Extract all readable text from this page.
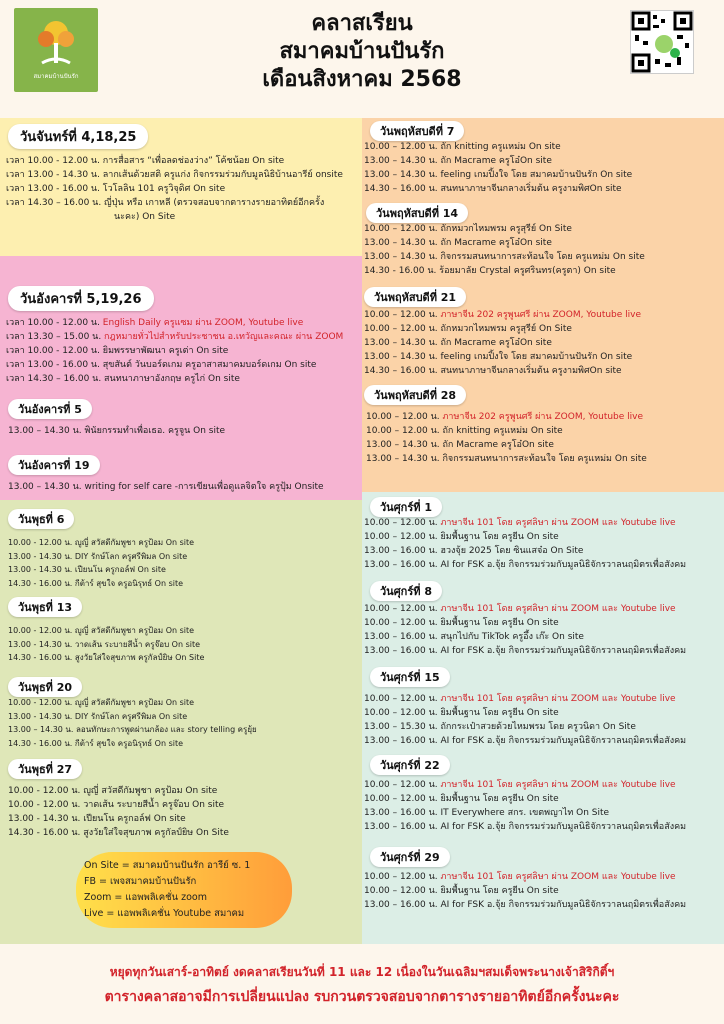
สมาคมบ้านปันรัก
คลาสเรียน
สมาคมบ้านปันรัก
เดือนสิงหาคม 2568
วันจันทร์ที่ 4,18,25
เวลา 10.00 - 12.00 น. การสื่อสาร “เพื่อลดช่องว่าง” โค้ชน้อย On site
เวลา 13.00 - 14.30 น. ลากเส้นด้วยสติ ครูแก่ง กิจกรรมร่วมกับมูลนิธิบ้านอารีย์ onsite
เวลา 13.00 - 16.00 น. โวโลลิน 101 ครูวิจุดิศ On site
เวลา 14.30 – 16.00 น. ญี่ปุ่น หรือ เกาหลี (ตรวจสอบจากตารางรายอาทิตย์อีกครั้ง
นะคะ) On Site
วันอังคารที่ 5,19,26
เวลา 10.00 - 12.00 น. English Daily ครูแซม ผ่าน ZOOM, Youtube live
เวลา 13.30 – 15.00 น. กฎหมายทั่วไปสำหรับประชาชน อ.เทวัญและคณะ ผ่าน ZOOM
เวลา 10.00 - 12.00 น. ยิมพรรษาพัฒนา ครูเต่า On site
เวลา 13.00 - 16.00 น. สุขสันต์ วันบอร์ดเกม ครูอาสาสมาคมบอร์ดเกม On site
เวลา 14.30 – 16.00 น. สนทนาภาษาอังกฤษ ครูไก่ On site
วันอังคารที่ 5
13.00 – 14.30 น. พินัยกรรมทำเพื่อเธอ. ครูจูน On site
วันอังคารที่ 19
13.00 – 14.30 น. writing for self care -การเขียนเพื่อดูแลจิตใจ ครูปุ้ม Onsite
วันพุธที่ 6
10.00 - 12.00 น. ญูญี่ สวัสดีกัมพูชา ครูป้อม On site
13.00 - 14.30 น. DIY รักษ์โลก ครูศรีพิมล On site
13.00 - 14.30 น. เปียนโน ครูกอล์ฟ On site
14.30 - 16.00 น. กีต้าร์ สุขใจ ครูอนิรุทธ์ On site
วันพุธที่ 13
10.00 - 12.00 น. ญูญี่ สวัสดีกัมพูชา ครูป้อม On site
13.00 - 14.30 น. วาดเส้น ระบายสีน้ำ ครูจ๊อบ On site
14.30 - 16.00 น. สูงวัยใส่ใจสุขภาพ ครูกัลป์ยิษ On Site
วันพุธที่ 20
10.00 - 12.00 น. ญูญี่ สวัสดีกัมพูชา ครูป้อม On site
13.00 - 14.30 น. DIY รักษ์โลก ครูศรีพิมล On site
13.00 – 14.30 น. ลอนทักษะการพูดผ่านกล้อง และ story telling ครูยุ้ย
14.30 - 16.00 น. กีต้าร์ สุขใจ ครูอนิรุทธ์ On site
วันพุธที่ 27
10.00 - 12.00 น. ญูญี่ สวัสดีกัมพูชา ครูป้อม On site
10.00 - 12.00 น. วาดเส้น ระบายสีน้ำ ครูจ๊อบ On site
13.00 - 14.30 น. เปียนโน ครูกอล์ฟ On site
14.30 - 16.00 น. สูงวัยใส่ใจสุขภาพ ครูกัลป์ยิษ On Site
On Site = สมาคมบ้านปันรัก อารีย์ ซ. 1
FB = เพจสมาคมบ้านปันรัก
Zoom = แอพพลิเคชั่น zoom
Live = แอพพลิเคชั่น Youtube สมาคม
วันพฤหัสบดีที่ 7
10.00 – 12.00 น. ถัก knitting ครูแหม่ม On site
13.00 – 14.30 น. ถัก Macrame ครูโอ๋On site
13.00 – 14.30 น. feeling เกมปิ้งใจ โดย สมาคมบ้านปันรัก On site
14.30 – 16.00 น. สนทนาภาษาจีนกลางเริ่มต้น ครูงามพิศOn site
วันพฤหัสบดีที่ 14
10.00 – 12.00 น. ถักหมวกไหมพรม ครูสุรีย์ On Site
13.00 – 14.30 น. ถัก Macrame ครูโอ๋On site
13.00 – 14.30 น. กิจกรรมสนทนาการสะท้อนใจ โดย ครูแหม่ม On site
14.30 - 16.00 น. ร้อยมาลัย Crystal ครูศรินทร(ครูตา) On site
วันพฤหัสบดีที่ 21
10.00 – 12.00 น. ภาษาจีน 202 ครูพูนศรี ผ่าน ZOOM, Youtube live
10.00 – 12.00 น. ถักหมวกไหมพรม ครูสุรีย์ On Site
13.00 – 14.30 น. ถัก Macrame ครูโอ๋On site
13.00 – 14.30 น. feeling เกมปิ้งใจ โดย สมาคมบ้านปันรัก On site
14.30 – 16.00 น. สนทนาภาษาจีนกลางเริ่มต้น ครูงามพิศOn site
วันพฤหัสบดีที่ 28
10.00 – 12.00 น. ภาษาจีน 202 ครูพูนศรี ผ่าน ZOOM, Youtube live
10.00 – 12.00 น. ถัก knitting ครูแหม่ม On site
13.00 – 14.30 น. ถัก Macrame ครูโอ๋On site
13.00 – 14.30 น. กิจกรรมสนทนาการสะท้อนใจ โดย ครูแหม่ม On site
วันศุกร์ที่ 1
10.00 – 12.00 น. ภาษาจีน 101 โดย ครูศลิษา ผ่าน ZOOM และ Youtube live
10.00 – 12.00 น. ยิมพื้นฐาน โดย ครูยีน On site
13.00 – 16.00 น. ฮวงจุ้ย 2025 โดย ซินแสจ๋อ On Site
13.00 – 16.00 น. AI for FSK อ.จุ้ย กิจกรรมร่วมกับมูลนิธิจักรวาลนฤมิตรเพื่อสังคม
วันศุกร์ที่ 8
10.00 – 12.00 น. ภาษาจีน 101 โดย ครูศลิษา ผ่าน ZOOM และ Youtube live
10.00 – 12.00 น. ยิมพื้นฐาน โดย ครูยีน On site
13.00 – 16.00 น. สนุกไปกับ TikTok ครูอึ้ง เก๊ะ On site
13.00 – 16.00 น. AI for FSK อ.จุ้ย กิจกรรมร่วมกับมูลนิธิจักรวาลนฤมิตรเพื่อสังคม
วันศุกร์ที่ 15
10.00 – 12.00 น. ภาษาจีน 101 โดย ครูศลิษา ผ่าน ZOOM และ Youtube live
10.00 – 12.00 น. ยิมพื้นฐาน โดย ครูยีน On site
13.00 – 15.30 น. ถักกระเป๋าสวยด้วยไหมพรม โดย ครูวนิดา On Site
13.00 – 16.00 น. AI for FSK อ.จุ้ย กิจกรรมร่วมกับมูลนิธิจักรวาลนฤมิตรเพื่อสังคม
วันศุกร์ที่ 22
10.00 – 12.00 น. ภาษาจีน 101 โดย ครูศลิษา ผ่าน ZOOM และ Youtube live
10.00 – 12.00 น. ยิมพื้นฐาน โดย ครูยีน On site
13.00 – 16.00 น. IT Everywhere สกร. เขตพญาไท On Site
13.00 – 16.00 น. AI for FSK อ.จุ้ย กิจกรรมร่วมกับมูลนิธิจักรวาลนฤมิตรเพื่อสังคม
วันศุกร์ที่ 29
10.00 – 12.00 น. ภาษาจีน 101 โดย ครูศลิษา ผ่าน ZOOM และ Youtube live
10.00 – 12.00 น. ยิมพื้นฐาน โดย ครูยีน On site
13.00 – 16.00 น. AI for FSK อ.จุ้ย กิจกรรมร่วมกับมูลนิธิจักรวาลนฤมิตรเพื่อสังคม
หยุดทุกวันเสาร์-อาทิตย์ งดคลาสเรียนวันที่ 11 และ 12 เนื่องในวันเฉลิมฯสมเด็จพระนางเจ้าสิริกิติ์ฯ
ตารางคลาสอาจมีการเปลี่ยนแปลง รบกวนตรวจสอบจากตารางรายอาทิตย์อีกครั้งนะคะ
